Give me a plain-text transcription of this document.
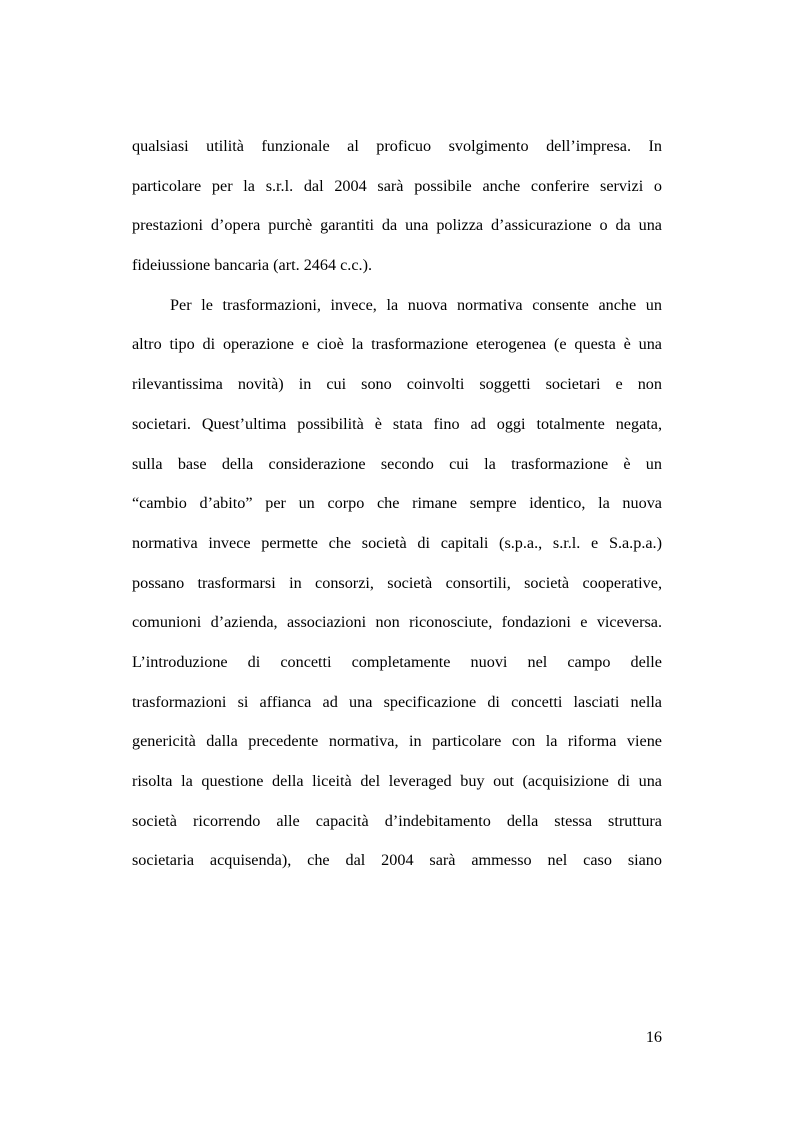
qualsiasi utilità funzionale al proficuo svolgimento dell’impresa. In
particolare per la s.r.l. dal 2004 sarà possibile anche conferire servizi o
prestazioni d’opera purchè garantiti da una polizza d’assicurazione o da una
fideiussione bancaria (art. 2464 c.c.).
Per le trasformazioni, invece, la nuova normativa consente anche un
altro tipo di operazione e cioè la trasformazione eterogenea (e questa è una
rilevantissima novità) in cui sono coinvolti soggetti societari e non
societari. Quest’ultima possibilità è stata fino ad oggi totalmente negata,
sulla base della considerazione secondo cui la trasformazione è un
“cambio d’abito” per un corpo che rimane sempre identico, la nuova
normativa invece permette che società di capitali (s.p.a., s.r.l. e S.a.p.a.)
possano trasformarsi in consorzi, società consortili, società cooperative,
comunioni d’azienda, associazioni non riconosciute, fondazioni e viceversa.
L’introduzione di concetti completamente nuovi nel campo delle
trasformazioni si affianca ad una specificazione di concetti lasciati nella
genericità dalla precedente normativa, in particolare con la riforma viene
risolta la questione della liceità del leveraged buy out (acquisizione di una
società ricorrendo alle capacità d’indebitamento della stessa struttura
societaria acquisenda), che dal 2004 sarà ammesso nel caso siano
16
